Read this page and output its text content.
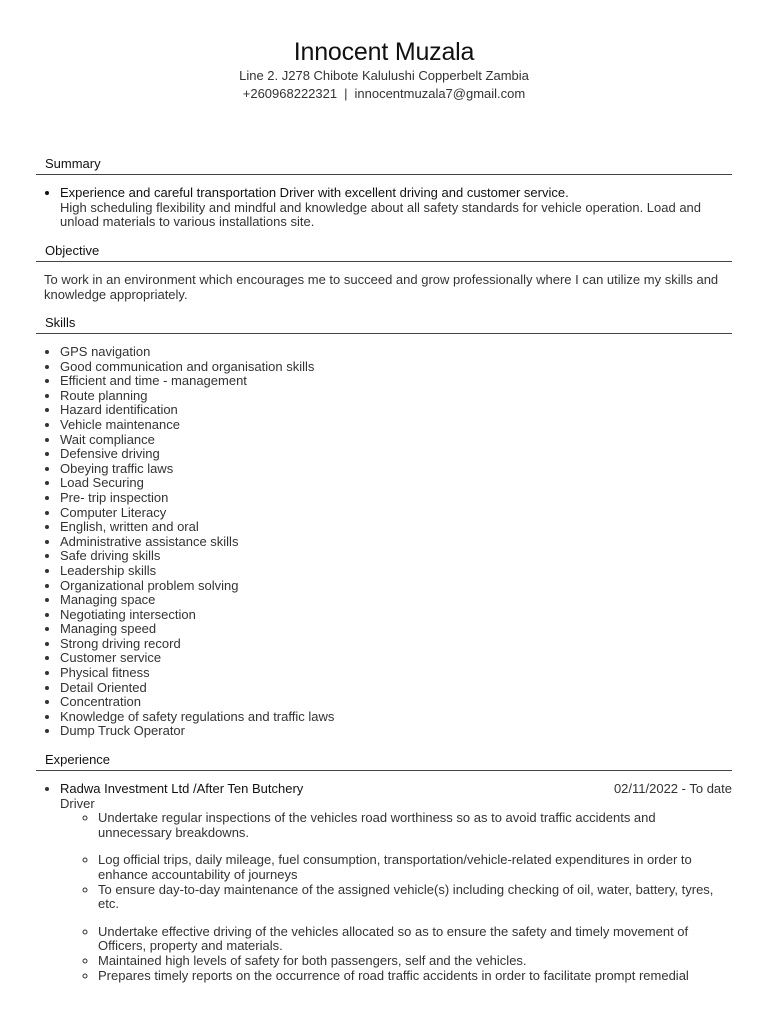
Innocent Muzala
Line 2. J278 Chibote Kalulushi Copperbelt Zambia
+260968222321 | innocentmuzala7@gmail.com
Summary
• Experience and careful transportation Driver with excellent driving and customer service.

High scheduling flexibility and mindful and knowledge about all safety standards for vehicle operation. Load and unload materials to various installations site.

Objective

To work in an environment which encourages me to succeed and grow professionally where I can utilize my skills and knowledge appropriately.

Skills
• GPS navigation
• Good communication and organisation skills
• Efficient and time - management
• Route planning
• Hazard identification
• Vehicle maintenance
• Wait compliance
• Defensive driving
• Obeying traffic laws
• Load Securing
• Pre- trip inspection
• Computer Literacy
• English, written and oral
• Administrative assistance skills
• Safe driving skills
• Leadership skills
• Organizational problem solving
• Managing space
• Negotiating intersection
• Managing speed
• Strong driving record
• Customer service
• Physical fitness
• Detail Oriented
• Concentration
• Knowledge of safety regulations and traffic laws
• Dump Truck Operator
Experience
• Radwa Investment Ltd /After Ten Butchery	02/11/2022 - To date

Driver

◦ Undertake regular inspections of the vehicles road worthiness so as to avoid traffic accidents and unnecessary breakdowns.
◦ Log official trips, daily mileage, fuel consumption, transportation/vehicle-related expenditures in order to enhance accountability of journeys
◦ To ensure day-to-day maintenance of the assigned vehicle(s) including checking of oil, water, battery, tyres, etc.
◦ Undertake effective driving of the vehicles allocated so as to ensure the safety and timely movement of Officers, property and materials.
◦ Maintained high levels of safety for both passengers, self and the vehicles.
◦ Prepares timely reports on the occurrence of road traffic accidents in order to facilitate prompt remedial
